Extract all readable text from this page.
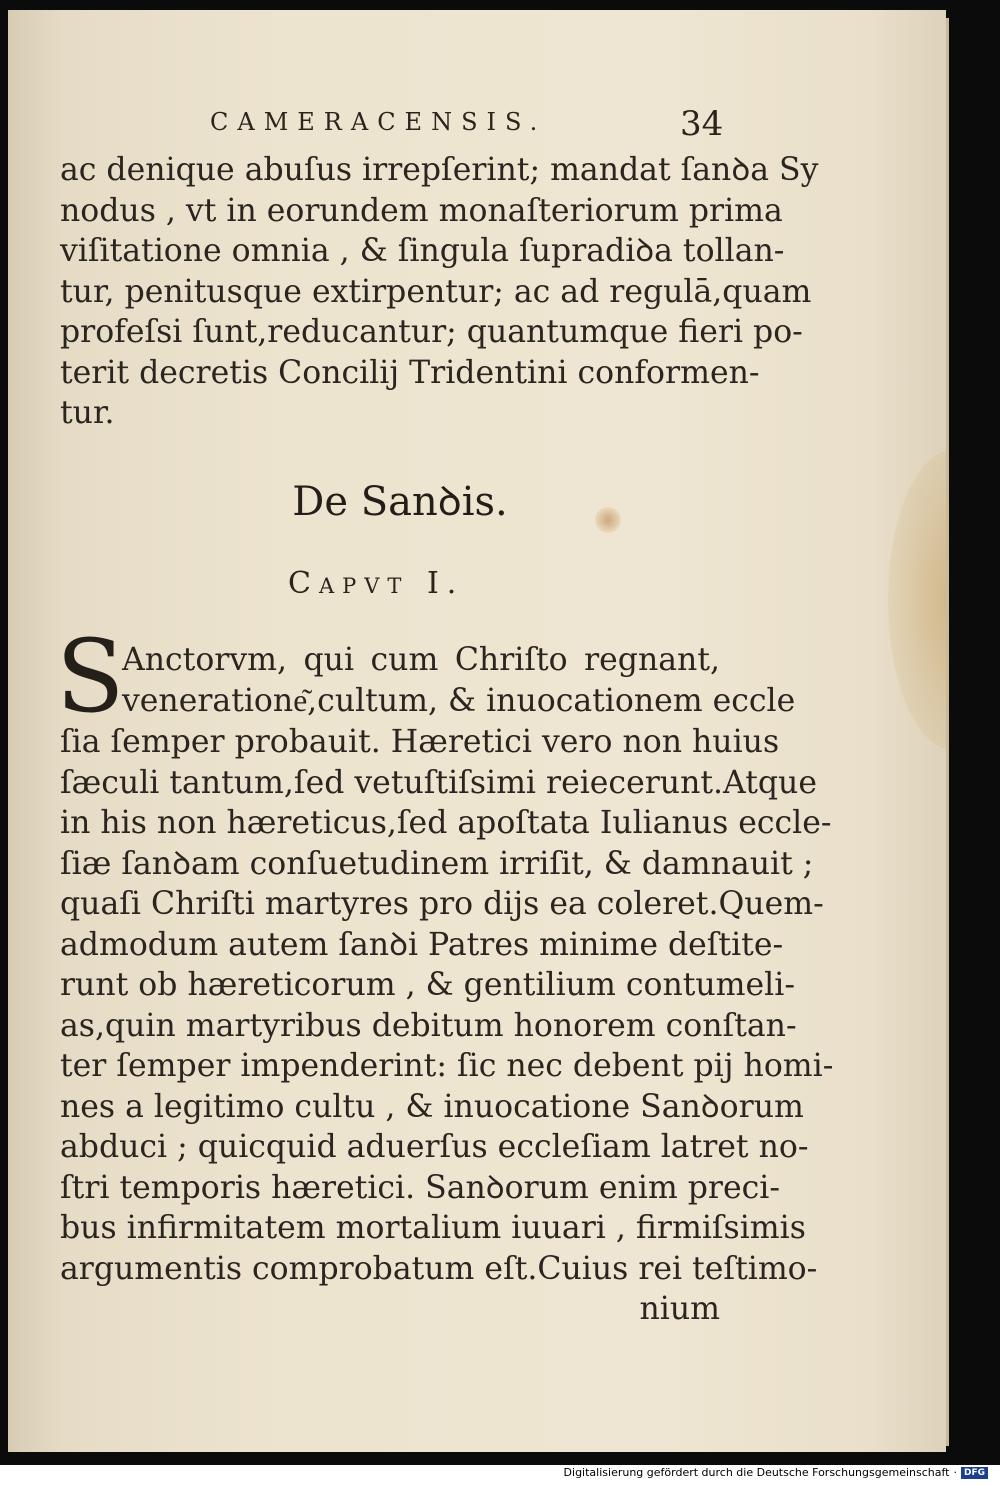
CAMERACENSIS.	34
ac denique abuſus irrepſerint; mandat ſanꝺa Sy
nodus , vt in eorundem monaſteriorum prima
viſitatione omnia , & ſingula ſupradiꝺa tollan-
tur, penitusque extirpentur; ac ad regulā,quam
profeſsi ſunt,reducantur; quantumque fieri po-
terit decretis Concilij Tridentini conformen-
tur.
De Sanꝺis.
Capvt I.
S
Anctorvm, qui cum Chriſto regnant,
veneratione͂,cultum, & inuocationem eccle
ſia ſemper probauit. Hæretici vero non huius
ſæculi tantum,ſed vetuſtiſsimi reiecerunt.Atque
in his non hæreticus,ſed apoſtata Iulianus eccle-
ſiæ ſanꝺam conſuetudinem irriſit, & damnauit ;
quaſi Chriſti martyres pro dijs ea coleret.Quem-
admodum autem ſanꝺi Patres minime deſtite-
runt ob hæreticorum , & gentilium contumeli-
as,quin martyribus debitum honorem conſtan-
ter ſemper impenderint: ſic nec debent pij homi-
nes a legitimo cultu , & inuocatione Sanꝺorum
abduci ; quicquid aduerſus eccleſiam latret no-
ſtri temporis hæretici. Sanꝺorum enim preci-
bus infirmitatem mortalium iuuari , firmiſsimis
argumentis comprobatum eſt.Cuius rei teſtimo-
nium
Digitalisierung gefördert durch die Deutsche Forschungsgemeinschaft · DFG
